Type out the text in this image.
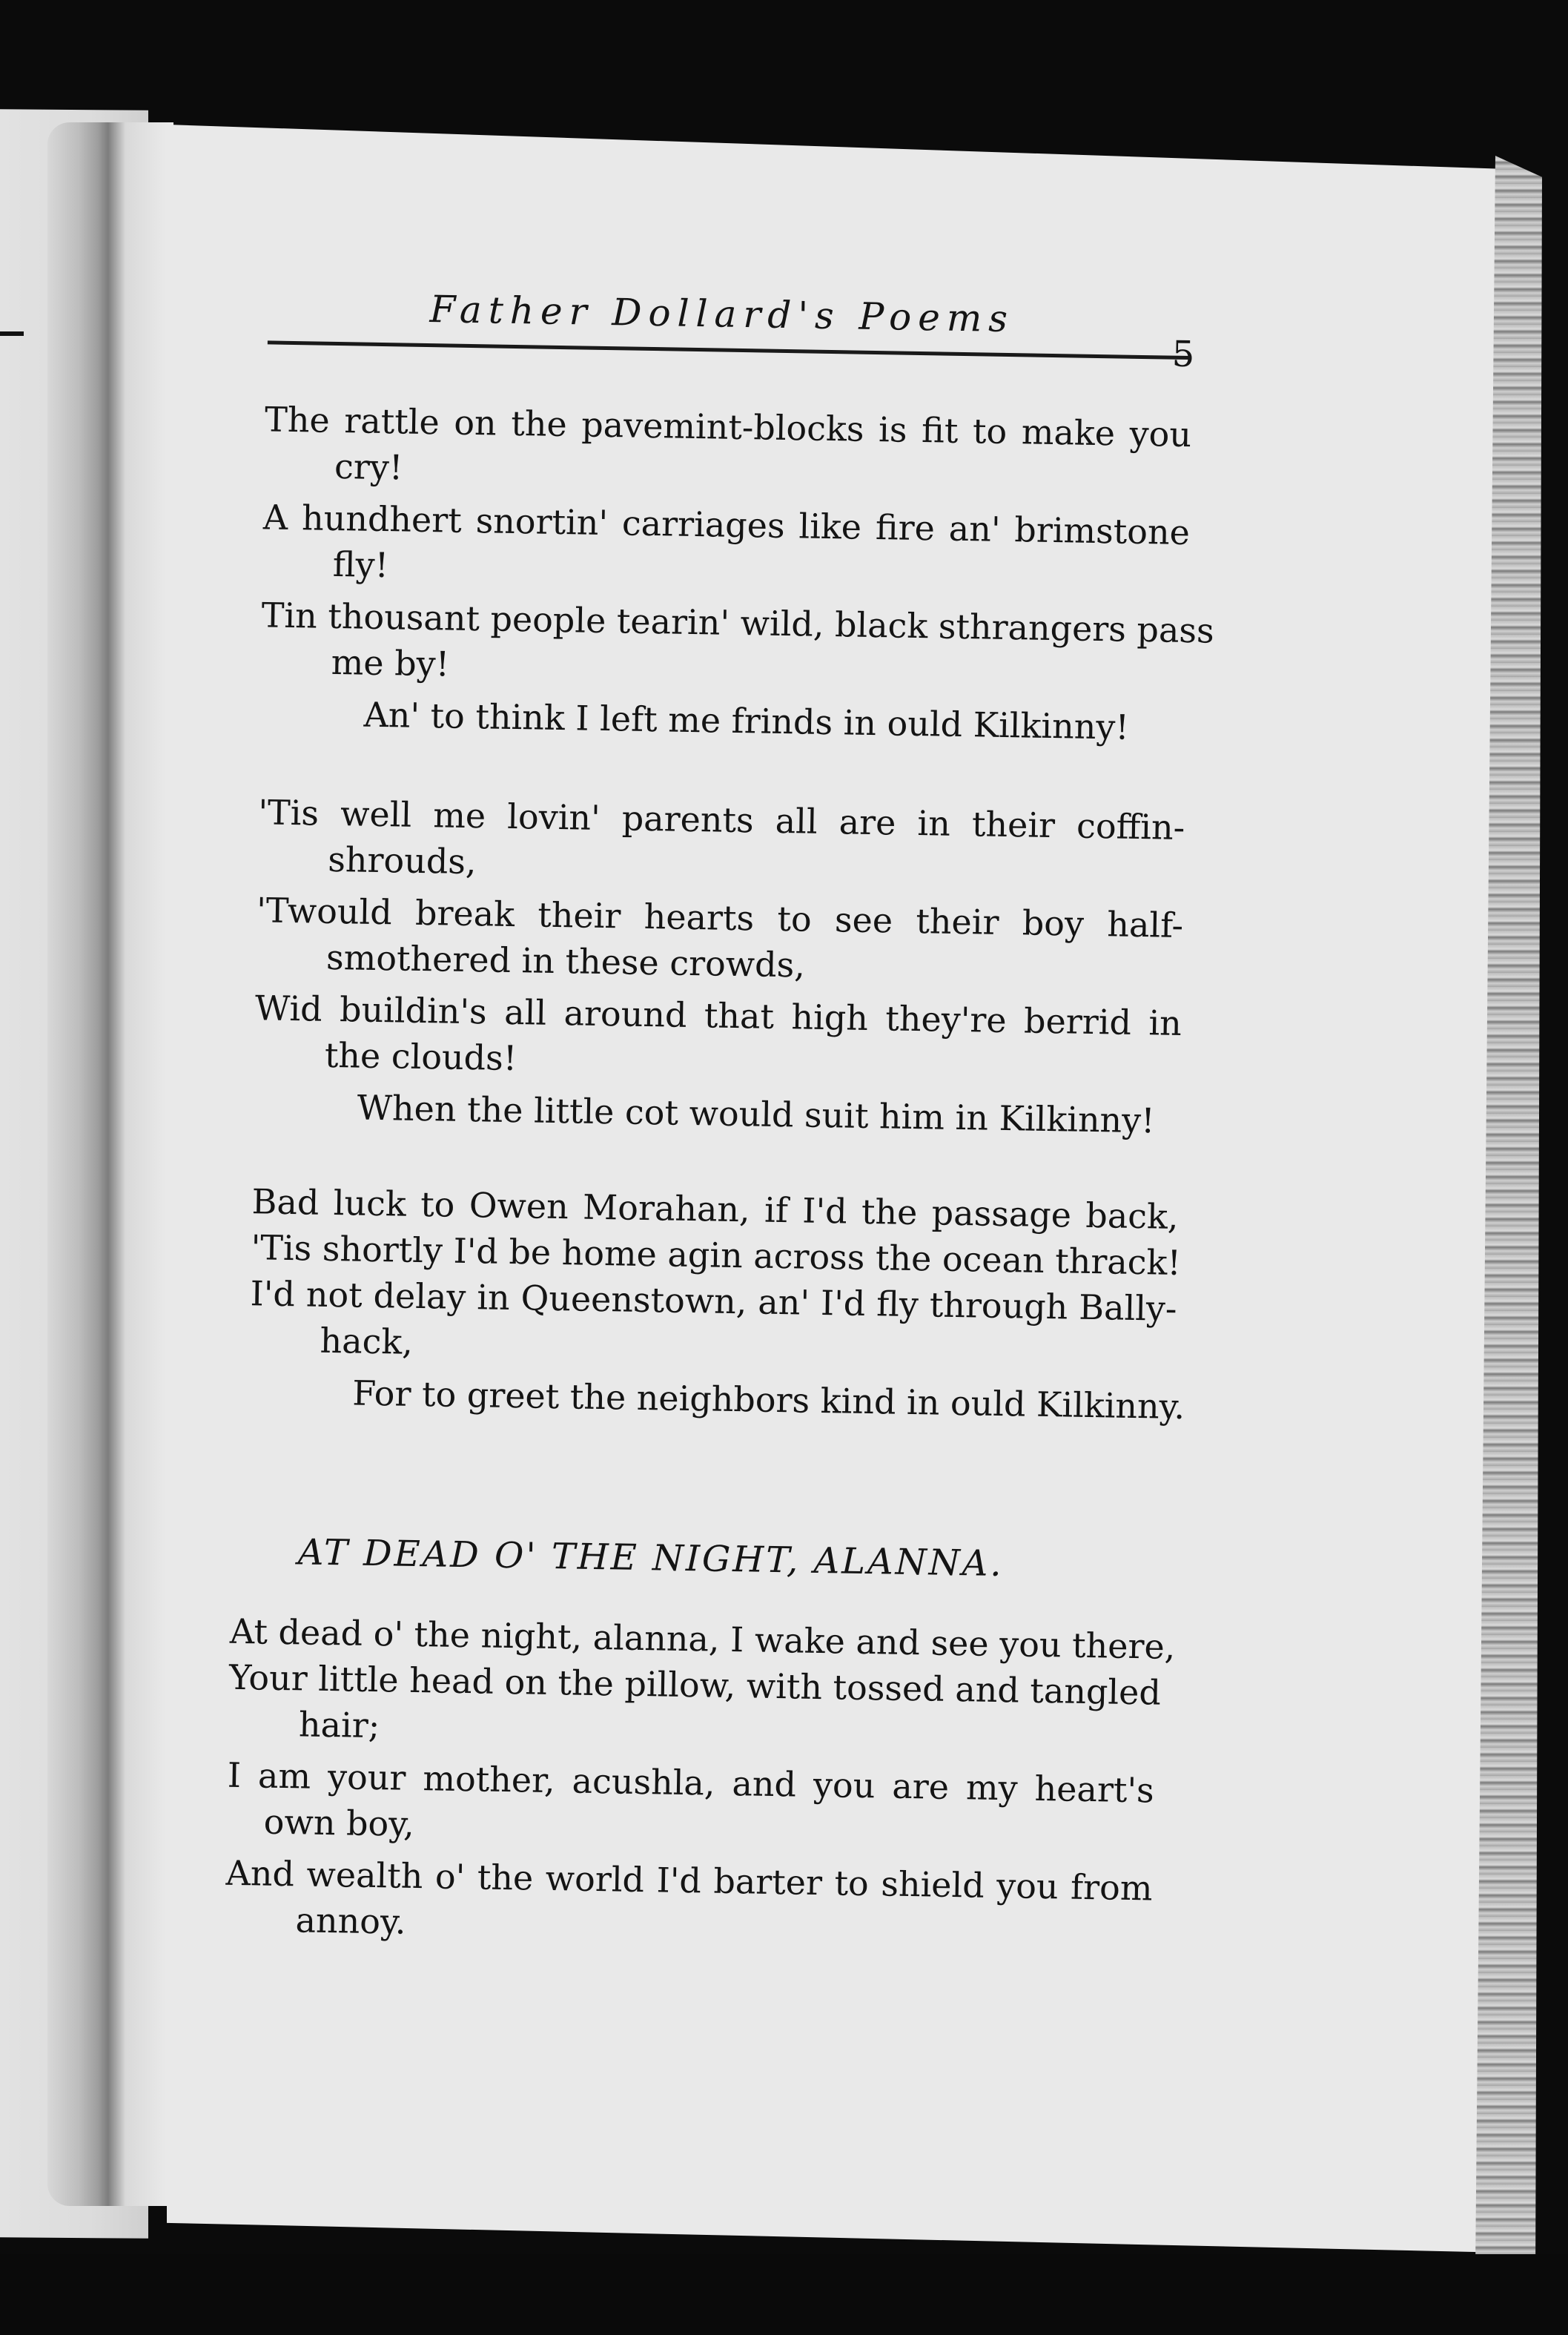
Father Dollard's Poems
5
The rattle on the pavemint-blocks is fit to make you
cry!
A hundhert snortin' carriages like fire an' brimstone
fly!
Tin thousant people tearin' wild, black sthrangers pass
me by!
An' to think I left me frinds in ould Kilkinny!
'Tis well me lovin' parents all are in their coffin-
shrouds,
'Twould break their hearts to see their boy half-
smothered in these crowds,
Wid buildin's all around that high they're berrid in
the clouds!
When the little cot would suit him in Kilkinny!
Bad luck to Owen Morahan, if I'd the passage back,
'Tis shortly I'd be home agin across the ocean thrack!
I'd not delay in Queenstown, an' I'd fly through Bally-
hack,
For to greet the neighbors kind in ould Kilkinny.
AT DEAD O' THE NIGHT, ALANNA.
At dead o' the night, alanna, I wake and see you there,
Your little head on the pillow, with tossed and tangled
hair;
I am your mother, acushla, and you are my heart's
own boy,
And wealth o' the world I'd barter to shield you from
annoy.
